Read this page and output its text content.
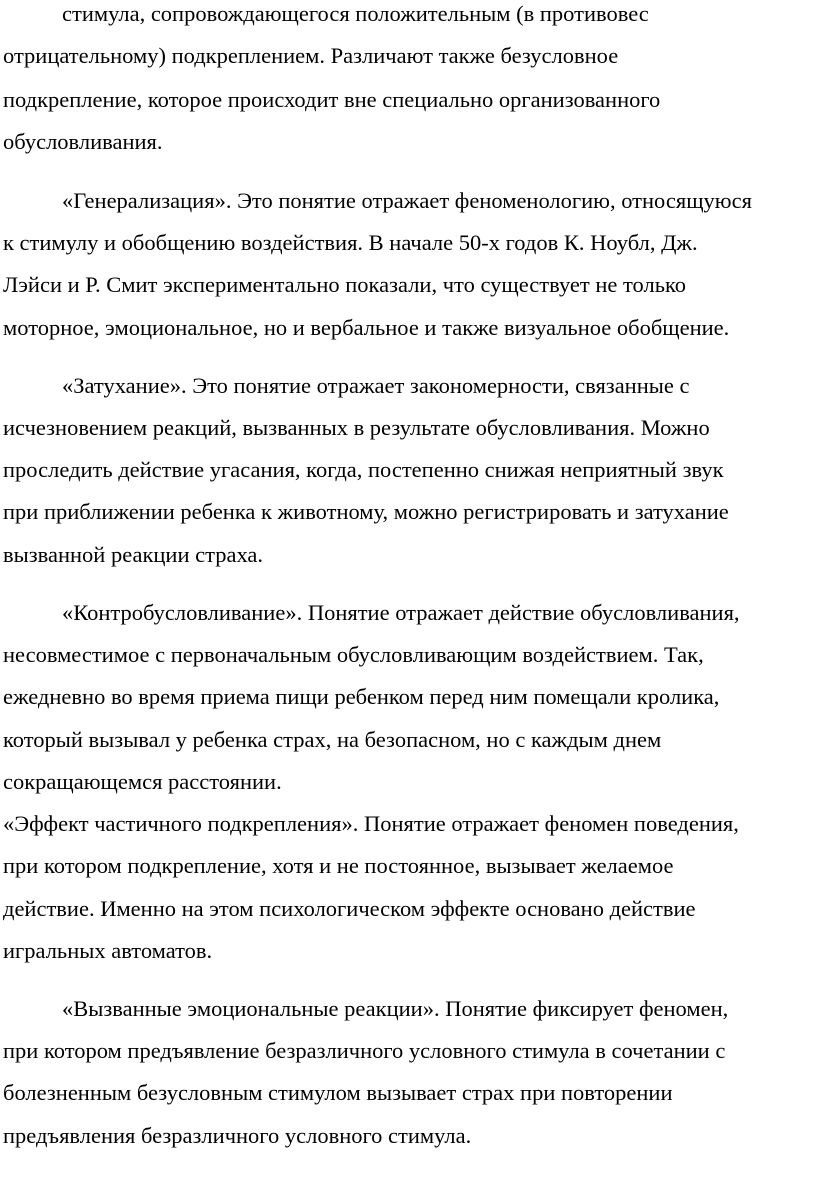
стимула, сопровождающегося положительным (в противовес

отрицательному) подкреплением. Различают также безусловное

подкрепление, которое происходит вне специально организованного

обусловливания.

«Генерализация». Это понятие отражает феноменологию, относящуюся

к стимулу и обобщению воздействия. В начале 50-х годов К. Ноубл, Дж.

Лэйси и Р. Смит экспериментально показали, что существует не только

моторное, эмоциональное, но и вербальное и также визуальное обобщение.

«Затухание». Это понятие отражает закономерности, связанные с

исчезновением реакций, вызванных в результате обусловливания. Можно

проследить действие угасания, когда, постепенно снижая неприятный звук

при приближении ребенка к животному, можно регистрировать и затухание

вызванной реакции страха.

«Контробусловливание». Понятие отражает действие обусловливания,

несовместимое с первоначальным обусловливающим воздействием. Так,

ежедневно во время приема пищи ребенком перед ним помещали кролика,

который вызывал у ребенка страх, на безопасном, но с каждым днем

сокращающемся расстоянии.

«Эффект частичного подкрепления». Понятие отражает феномен поведения,

при котором подкрепление, хотя и не постоянное, вызывает желаемое

действие. Именно на этом психологическом эффекте основано действие

игральных автоматов.

«Вызванные эмоциональные реакции». Понятие фиксирует феномен,

при котором предъявление безразличного условного стимула в сочетании с

болезненным безусловным стимулом вызывает страх при повторении

предъявления безразличного условного стимула.
